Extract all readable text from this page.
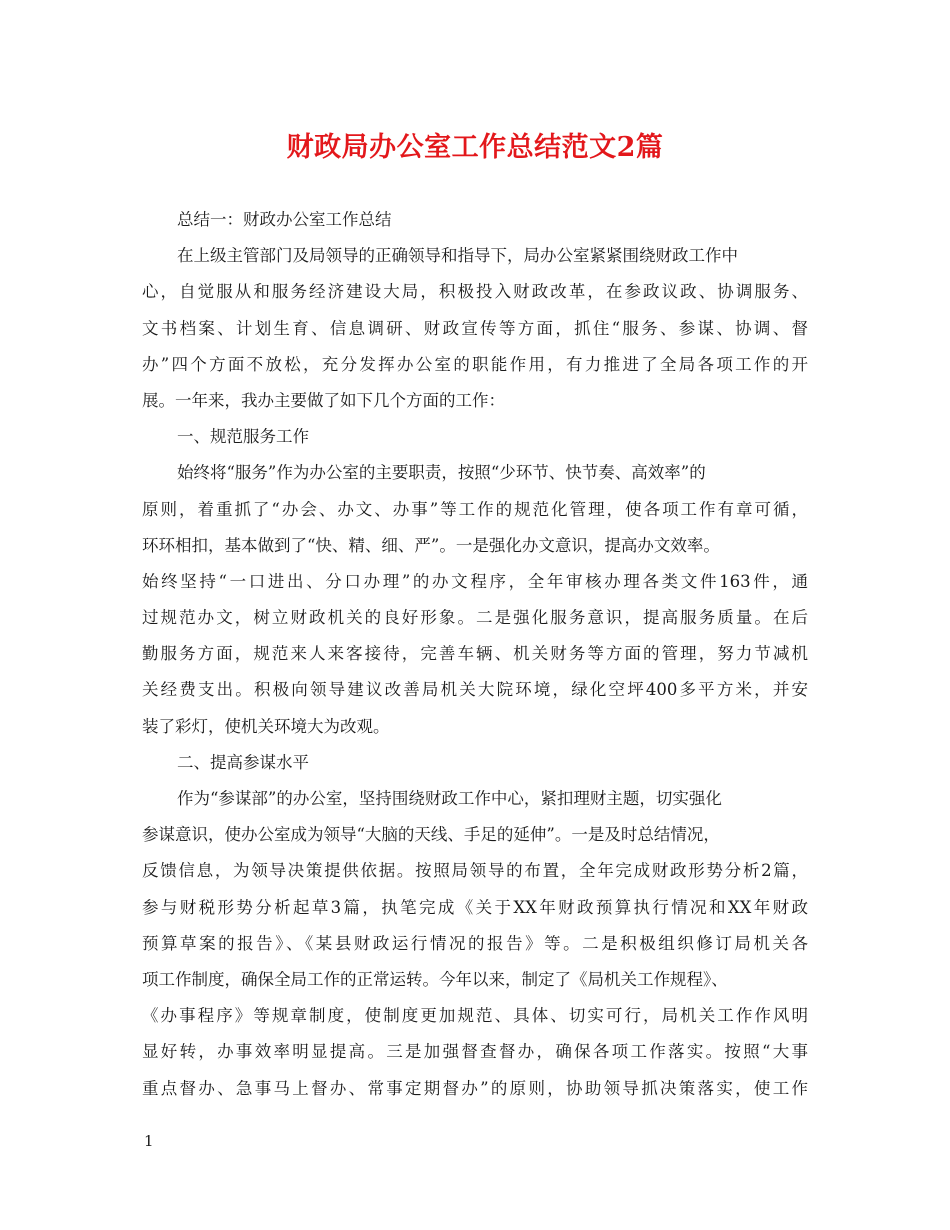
财政局办公室工作总结范文2篇
总结一：财政办公室工作总结
在上级主管部门及局领导的正确领导和指导下，局办公室紧紧围绕财政工作中
心，自觉服从和服务经济建设大局，积极投入财政改革，在参政议政、协调服务、
文书档案、计划生育、信息调研、财政宣传等方面，抓住“服务、参谋、协调、督
办”四个方面不放松，充分发挥办公室的职能作用，有力推进了全局各项工作的开
展。一年来，我办主要做了如下几个方面的工作：
一、规范服务工作
始终将“服务”作为办公室的主要职责，按照“少环节、快节奏、高效率”的
原则，着重抓了“办会、办文、办事”等工作的规范化管理，使各项工作有章可循，
环环相扣，基本做到了“快、精、细、严”。一是强化办文意识，提高办文效率。
始终坚持“一口进出、分口办理”的办文程序，全年审核办理各类文件163件，通
过规范办文，树立财政机关的良好形象。二是强化服务意识，提高服务质量。在后
勤服务方面，规范来人来客接待，完善车辆、机关财务等方面的管理，努力节减机
关经费支出。积极向领导建议改善局机关大院环境，绿化空坪400多平方米，并安
装了彩灯，使机关环境大为改观。
二、提高参谋水平
作为“参谋部”的办公室，坚持围绕财政工作中心，紧扣理财主题，切实强化
参谋意识，使办公室成为领导“大脑的天线、手足的延伸”。一是及时总结情况，
反馈信息，为领导决策提供依据。按照局领导的布置，全年完成财政形势分析2篇，
参与财税形势分析起草3篇，执笔完成《关于XX年财政预算执行情况和XX年财政
预算草案的报告》、《某县财政运行情况的报告》等。二是积极组织修订局机关各
项工作制度，确保全局工作的正常运转。今年以来，制定了《局机关工作规程》、
《办事程序》等规章制度，使制度更加规范、具体、切实可行，局机关工作作风明
显好转，办事效率明显提高。三是加强督查督办，确保各项工作落实。按照“大事
重点督办、急事马上督办、常事定期督办”的原则，协助领导抓决策落实，使工作
1
